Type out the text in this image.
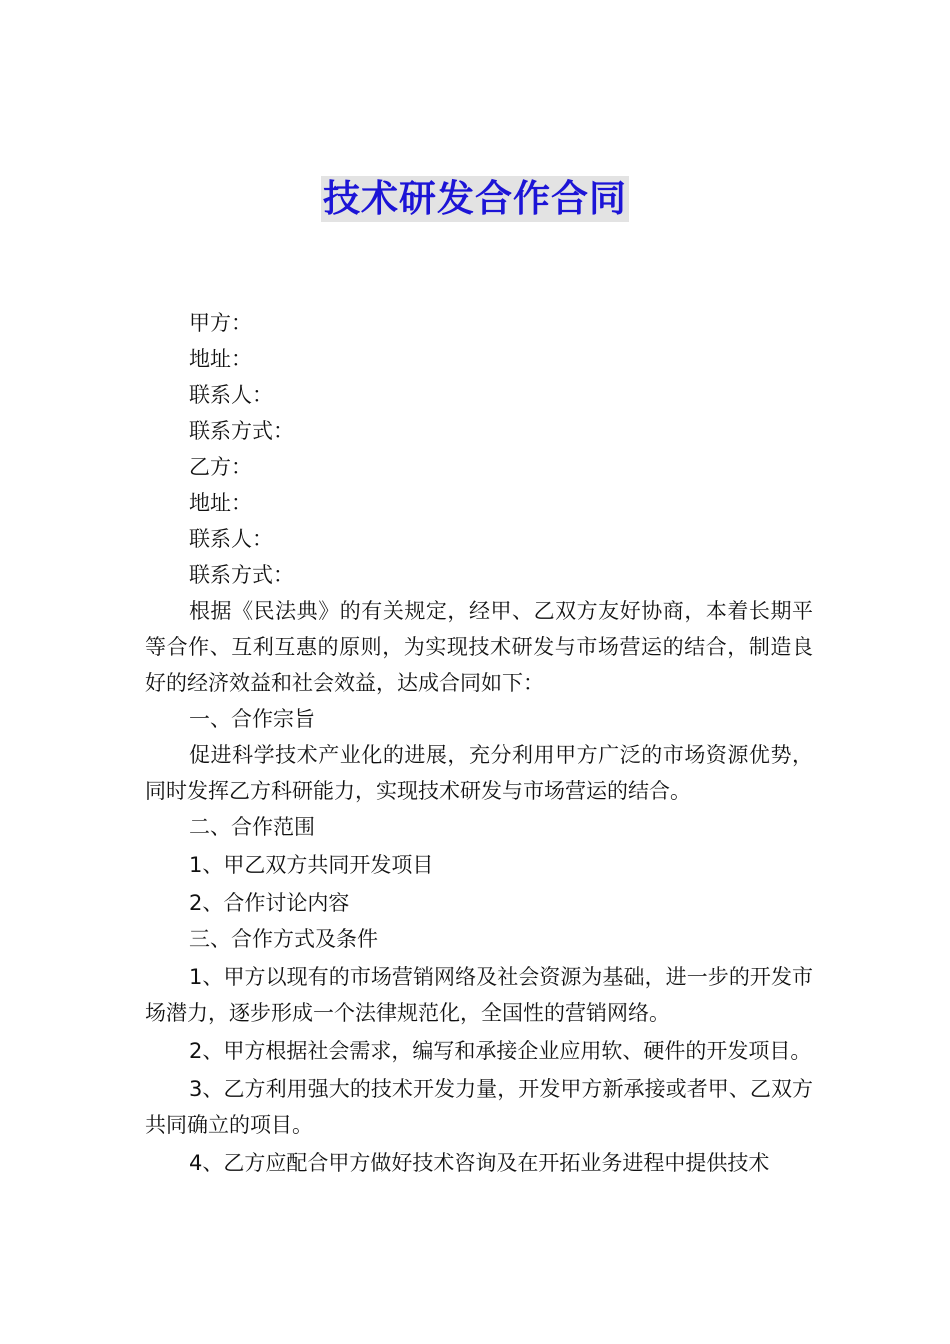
技术研发合作合同

甲方：

地址：

联系人：

联系方式：

乙方：

地址：

联系人：

联系方式：

根据《民法典》的有关规定，经甲、乙双方友好协商，本着长期平等合作、互利互惠的原则，为实现技术研发与市场营运的结合，制造良好的经济效益和社会效益，达成合同如下：

一、合作宗旨

促进科学技术产业化的进展，充分利用甲方广泛的市场资源优势，同时发挥乙方科研能力，实现技术研发与市场营运的结合。

二、合作范围

1、甲乙双方共同开发项目

2、合作讨论内容

三、合作方式及条件

1、甲方以现有的市场营销网络及社会资源为基础，进一步的开发市场潜力，逐步形成一个法律规范化，全国性的营销网络。

2、甲方根据社会需求，编写和承接企业应用软、硬件的开发项目。

3、乙方利用强大的技术开发力量，开发甲方新承接或者甲、乙双方共同确立的项目。

4、乙方应配合甲方做好技术咨询及在开拓业务进程中提供技术
